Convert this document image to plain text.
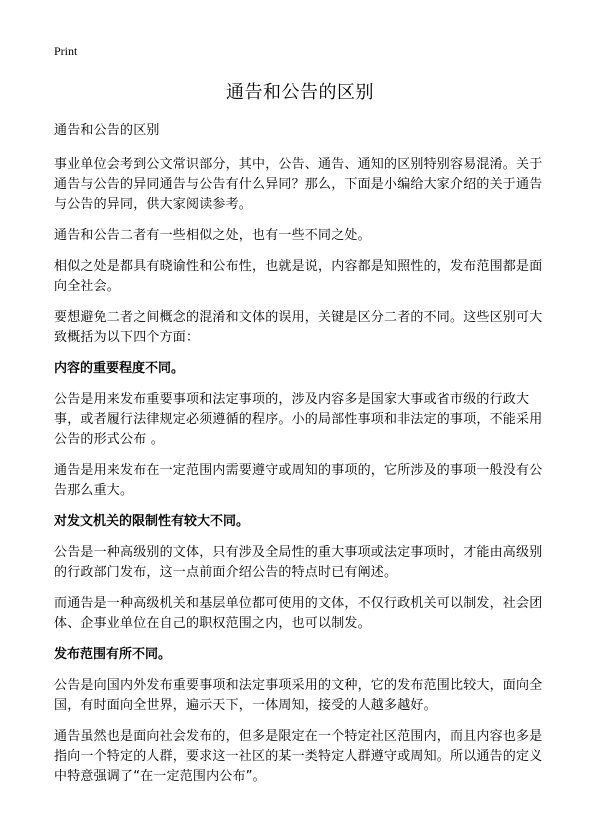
Print
通告和公告的区别

通告和公告的区别

事业单位会考到公文常识部分，其中，公告、通告、通知的区别特别容易混淆。关于通告与公告的异同通告与公告有什么异同？那么，下面是小编给大家介绍的关于通告与公告的异同，供大家阅读参考。

通告和公告二者有一些相似之处，也有一些不同之处。

相似之处是都具有晓谕性和公布性，也就是说，内容都是知照性的，发布范围都是面向全社会。

要想避免二者之间概念的混淆和文体的误用，关键是区分二者的不同。这些区别可大致概括为以下四个方面：

内容的重要程度不同。

公告是用来发布重要事项和法定事项的，涉及内容多是国家大事或省市级的行政大事，或者履行法律规定必须遵循的程序。小的局部性事项和非法定的事项，不能采用公告的形式公布 。

通告是用来发布在一定范围内需要遵守或周知的事项的，它所涉及的事项一般没有公告那么重大。

对发文机关的限制性有较大不同。

公告是一种高级别的文体，只有涉及全局性的重大事项或法定事项时，才能由高级别的行政部门发布，这一点前面介绍公告的特点时已有阐述。

而通告是一种高级机关和基层单位都可使用的文体，不仅行政机关可以制发，社会团体、企事业单位在自己的职权范围之内，也可以制发。

发布范围有所不同。

公告是向国内外发布重要事项和法定事项采用的文种，它的发布范围比较大，面向全国，有时面向全世界，遍示天下，一体周知，接受的人越多越好。

通告虽然也是面向社会发布的，但多是限定在一个特定社区范围内，而且内容也多是指向一个特定的人群，要求这一社区的某一类特定人群遵守或周知。所以通告的定义中特意强调了“在一定范围内公布”。
